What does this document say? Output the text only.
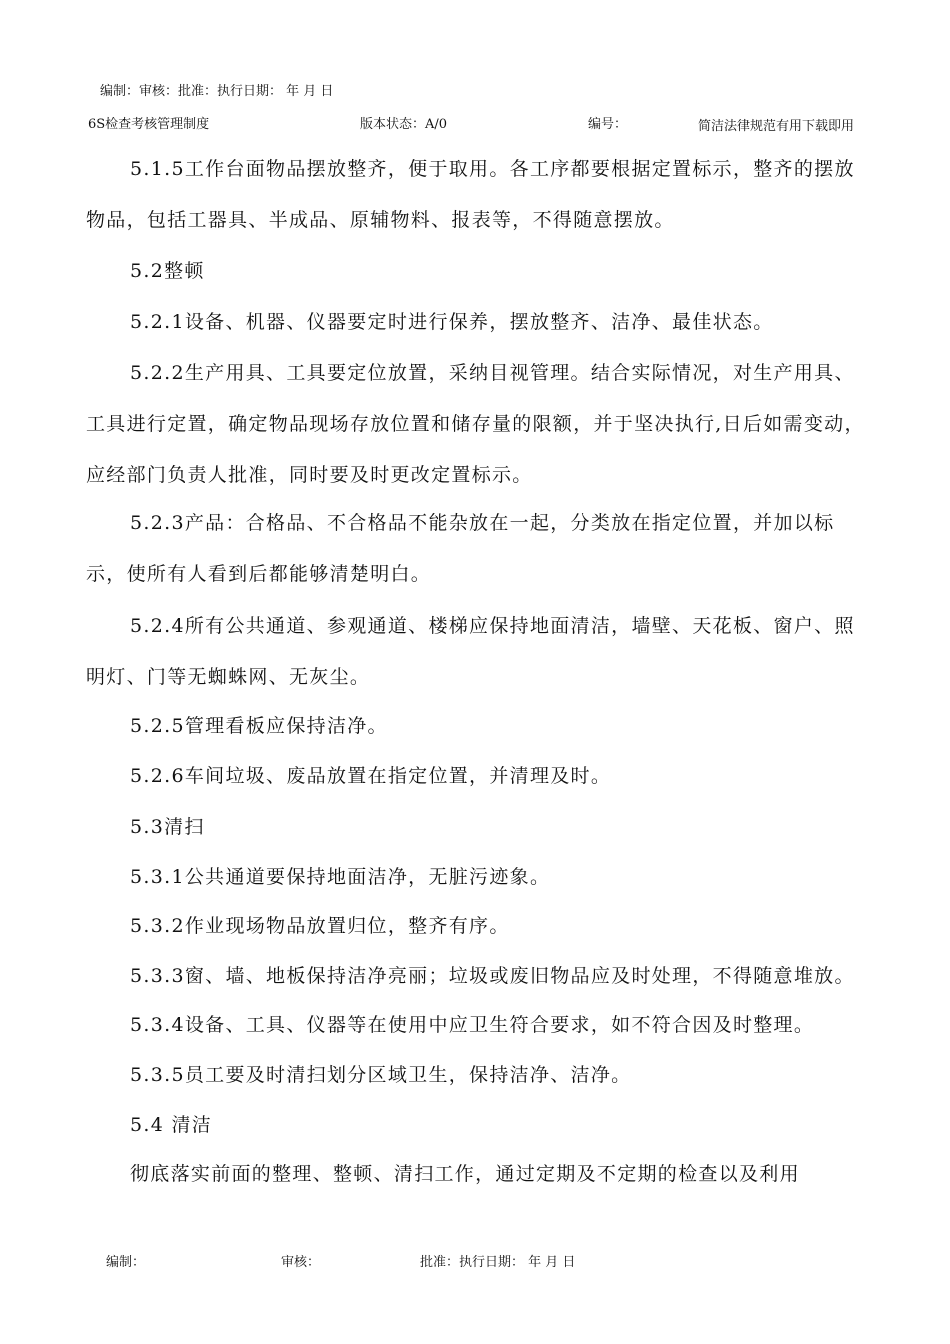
编制：审核：批准：执行日期： 年 月 日
6S检查考核管理制度	版本状态：A/0	编号：	简洁法律规范有用下载即用
5.1.5工作台面物品摆放整齐，便于取用。各工序都要根据定置标示，整齐的摆放
物品，包括工器具、半成品、原辅物料、报表等，不得随意摆放。
5.2整顿
5.2.1设备、机器、仪器要定时进行保养，摆放整齐、洁净、最佳状态。
5.2.2生产用具、工具要定位放置，采纳目视管理。结合实际情况，对生产用具、
工具进行定置，确定物品现场存放位置和储存量的限额，并于坚决执行,日后如需变动，
应经部门负责人批准，同时要及时更改定置标示。
5.2.3产品：合格品、不合格品不能杂放在一起，分类放在指定位置，并加以标
示，使所有人看到后都能够清楚明白。
5.2.4所有公共通道、参观通道、楼梯应保持地面清洁，墙壁、天花板、窗户、照
明灯、门等无蜘蛛网、无灰尘。
5.2.5管理看板应保持洁净。
5.2.6车间垃圾、废品放置在指定位置，并清理及时。
5.3清扫
5.3.1公共通道要保持地面洁净，无脏污迹象。
5.3.2作业现场物品放置归位，整齐有序。
5.3.3窗、墙、地板保持洁净亮丽；垃圾或废旧物品应及时处理，不得随意堆放。
5.3.4设备、工具、仪器等在使用中应卫生符合要求，如不符合因及时整理。
5.3.5员工要及时清扫划分区域卫生，保持洁净、洁净。
5.4 清洁
彻底落实前面的整理、整顿、清扫工作，通过定期及不定期的检查以及利用
编制：	审核：	批准：执行日期： 年 月 日
